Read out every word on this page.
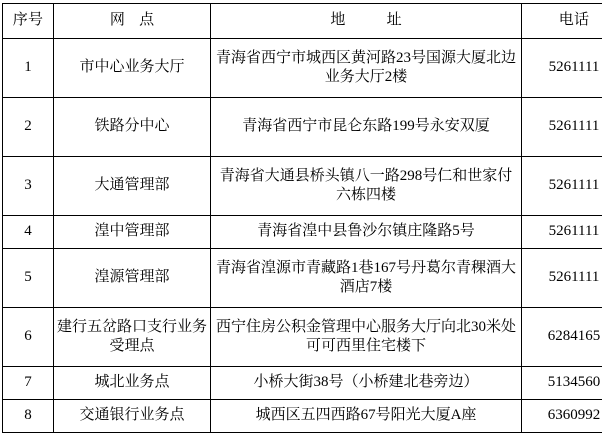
序号	网点	地 址	电话
1	市中心业务大厅	青海省西宁市城西区黄河路23号国源大厦北边业务大厅2楼	5261111
2	铁路分中心	青海省西宁市昆仑东路199号永安双厦	5261111
3	大通管理部	青海省大通县桥头镇八一路298号仁和世家付六栋四楼	5261111
4	湟中管理部	青海省湟中县鲁沙尔镇庄隆路5号	5261111
5	湟源管理部	青海省湟源市青藏路1巷167号丹葛尔青稞酒大酒店7楼	5261111
6	建行五岔路口支行业务受理点	西宁住房公积金管理中心服务大厅向北30米处可可西里住宅楼下	6284165
7	城北业务点	小桥大街38号（小桥建北巷旁边）	5134560
8	交通银行业务点	城西区五四西路67号阳光大厦A座	6360992
